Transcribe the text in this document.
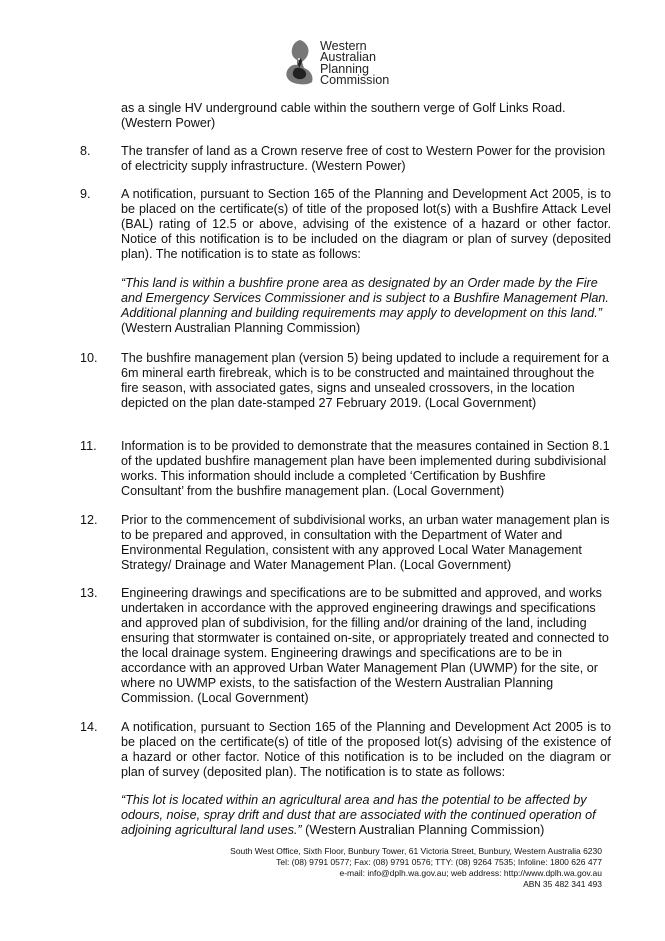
Western
Australian
Planning
Commission
as a single HV underground cable within the southern verge of Golf Links Road. (Western Power)
8.	The transfer of land as a Crown reserve free of cost to Western Power for the provision of electricity supply infrastructure. (Western Power)
9.	A notification, pursuant to Section 165 of the Planning and Development Act 2005, is to be placed on the certificate(s) of title of the proposed lot(s) with a Bushfire Attack Level (BAL) rating of 12.5 or above, advising of the existence of a hazard or other factor. Notice of this notification is to be included on the diagram or plan of survey (deposited plan). The notification is to state as follows:
“This land is within a bushfire prone area as designated by an Order made by the Fire and Emergency Services Commissioner and is subject to a Bushfire Management Plan. Additional planning and building requirements may apply to development on this land.” (Western Australian Planning Commission)
10.	The bushfire management plan (version 5) being updated to include a requirement for a 6m mineral earth firebreak, which is to be constructed and maintained throughout the fire season, with associated gates, signs and unsealed crossovers, in the location depicted on the plan date-stamped 27 February 2019. (Local Government)
11.	Information is to be provided to demonstrate that the measures contained in Section 8.1 of the updated bushfire management plan have been implemented during subdivisional works. This information should include a completed ‘Certification by Bushfire Consultant’ from the bushfire management plan. (Local Government)
12.	Prior to the commencement of subdivisional works, an urban water management plan is to be prepared and approved, in consultation with the Department of Water and Environmental Regulation, consistent with any approved Local Water Management Strategy/ Drainage and Water Management Plan. (Local Government)
13.	Engineering drawings and specifications are to be submitted and approved, and works undertaken in accordance with the approved engineering drawings and specifications and approved plan of subdivision, for the filling and/or draining of the land, including ensuring that stormwater is contained on-site, or appropriately treated and connected to the local drainage system. Engineering drawings and specifications are to be in accordance with an approved Urban Water Management Plan (UWMP) for the site, or where no UWMP exists, to the satisfaction of the Western Australian Planning Commission. (Local Government)
14.	A notification, pursuant to Section 165 of the Planning and Development Act 2005 is to be placed on the certificate(s) of title of the proposed lot(s) advising of the existence of a hazard or other factor. Notice of this notification is to be included on the diagram or plan of survey (deposited plan). The notification is to state as follows:
“This lot is located within an agricultural area and has the potential to be affected by odours, noise, spray drift and dust that are associated with the continued operation of adjoining agricultural land uses.” (Western Australian Planning Commission)
South West Office, Sixth Floor, Bunbury Tower, 61 Victoria Street, Bunbury, Western Australia 6230
Tel: (08) 9791 0577; Fax: (08) 9791 0576; TTY: (08) 9264 7535; Infoline: 1800 626 477
e-mail: info@dplh.wa.gov.au; web address: http://www.dplh.wa.gov.au
ABN 35 482 341 493
